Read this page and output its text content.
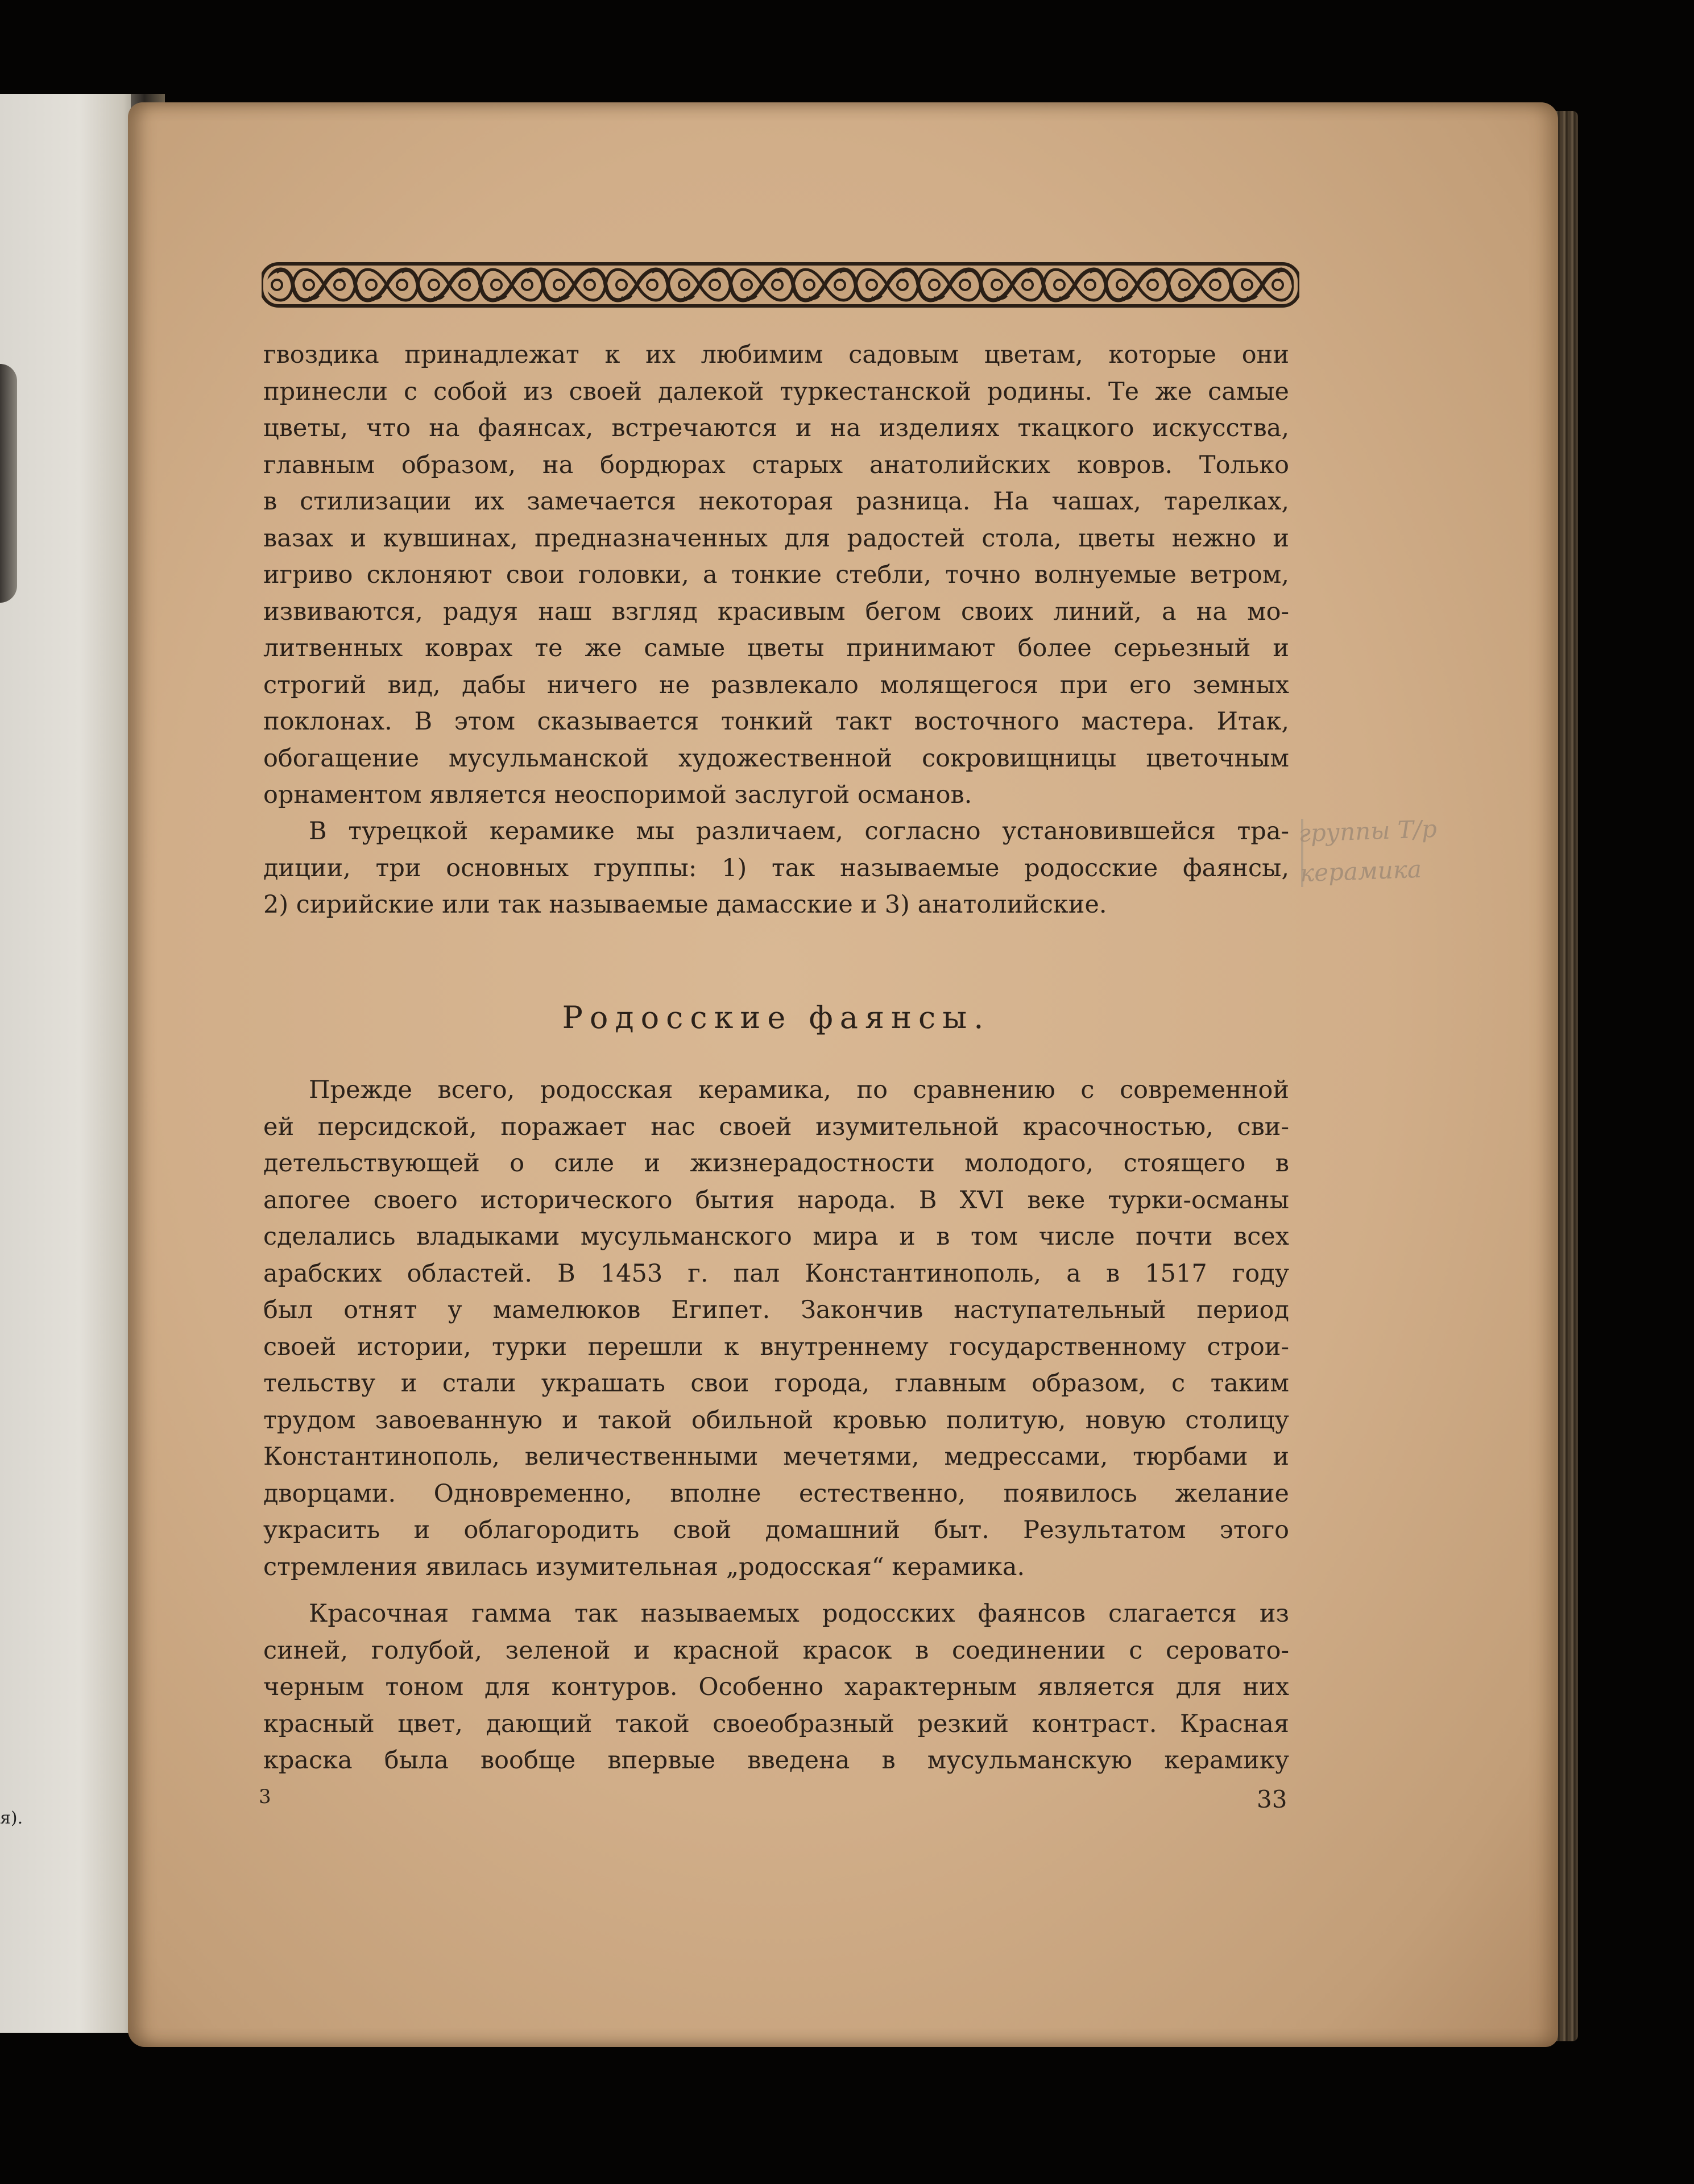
я).
гвоздика принадлежат к их любимим садовым цветам, которые они
принесли с собой из своей далекой туркестанской родины. Те же самые
цветы, что на фаянсах, встречаются и на изделиях ткацкого искусства,
главным образом, на бордюрах старых анатолийских ковров. Только
в стилизации их замечается некоторая разница. На чашах, тарелках,
вазах и кувшинах, предназначенных для радостей стола, цветы нежно и
игриво склоняют свои головки, а тонкие стебли, точно волнуемые ветром,
извиваются, радуя наш взгляд красивым бегом своих линий, а на мо-
литвенных коврах те же самые цветы принимают более серьезный и
строгий вид, дабы ничего не развлекало молящегося при его земных
поклонах. В этом сказывается тонкий такт восточного мастера. Итак,
обогащение мусульманской художественной сокровищницы цветочным
орнаментом является неоспоримой заслугой османов.
В турецкой керамике мы различаем, согласно установившейся тра-
диции, три основных группы: 1) так называемые родосские фаянсы,
2) сирийские или так называемые дамасские и 3) анатолийские.
группы Т/р
керамика
Родосские фаянсы.
Прежде всего, родосская керамика, по сравнению с современной
ей персидской, поражает нас своей изумительной красочностью, сви-
детельствующей о силе и жизнерадостности молодого, стоящего в
апогее своего исторического бытия народа. В XVI веке турки-османы
сделались владыками мусульманского мира и в том числе почти всех
арабских областей. В 1453 г. пал Константинополь, а в 1517 году
был отнят у мамелюков Египет. Закончив наступательный период
своей истории, турки перешли к внутреннему государственному строи-
тельству и стали украшать свои города, главным образом, с таким
трудом завоеванную и такой обильной кровью политую, новую столицу
Константинополь, величественными мечетями, медрессами, тюрбами и
дворцами. Одновременно, вполне естественно, появилось желание
украсить и облагородить свой домашний быт. Результатом этого
стремления явилась изумительная „родосская“ керамика.
Красочная гамма так называемых родосских фаянсов слагается из
синей, голубой, зеленой и красной красок в соединении с серовато-
черным тоном для контуров. Особенно характерным является для них
красный цвет, дающий такой своеобразный резкий контраст. Красная
краска была вообще впервые введена в мусульманскую керамику
3	33
